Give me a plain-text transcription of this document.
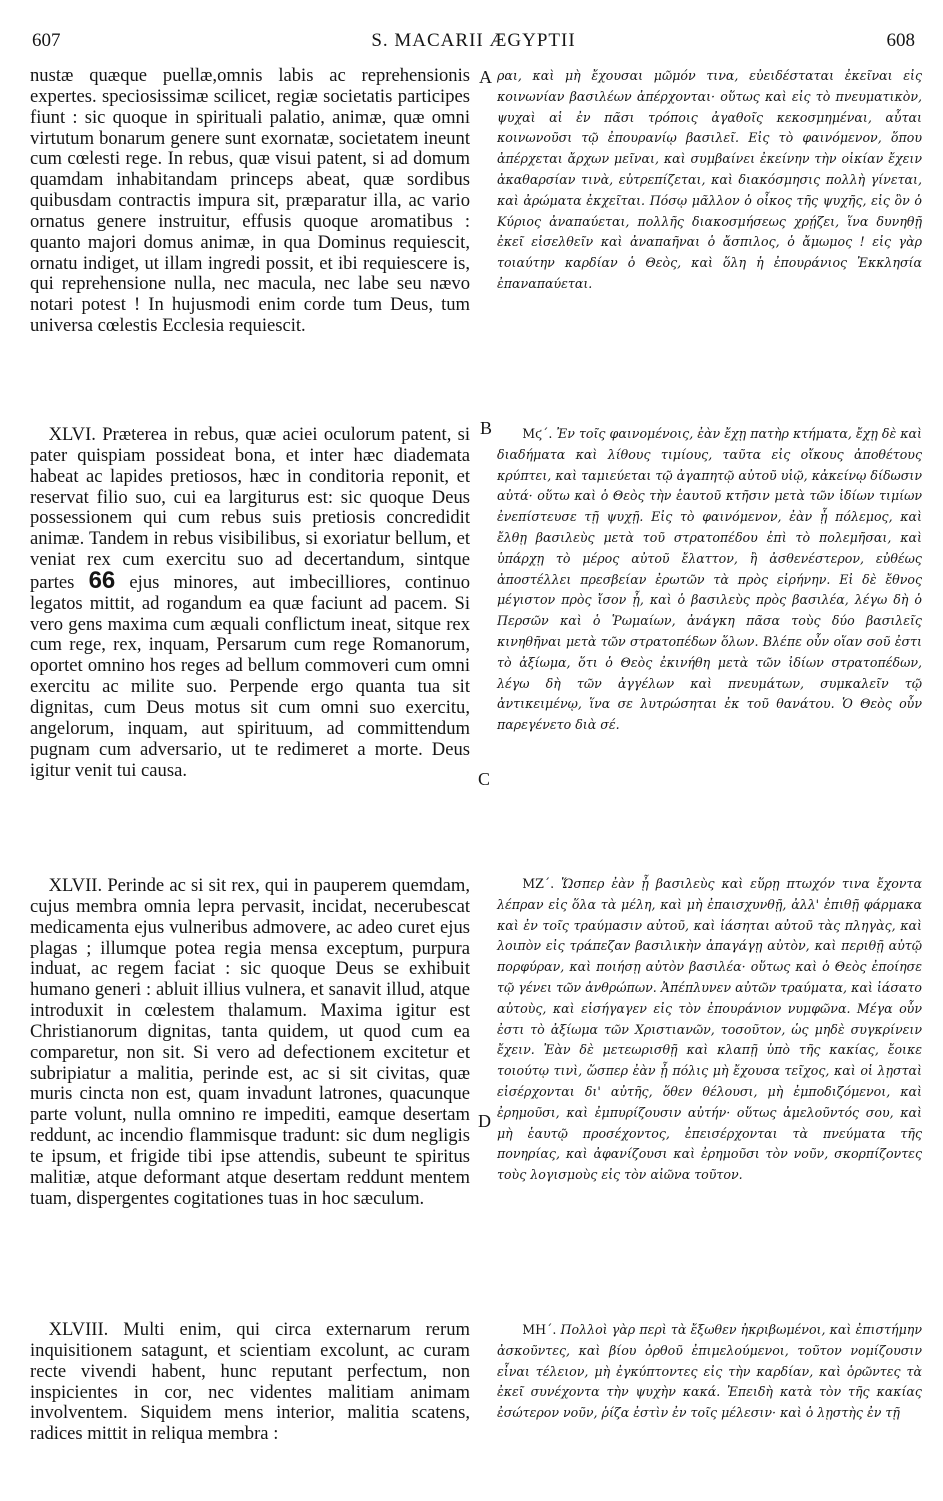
607	S. MACARII ÆGYPTII	608
A
B
C
D

nustæ quæque puellæ,omnis labis ac reprehensionis expertes. speciosissimæ scilicet, regiæ societatis participes fiunt : sic quoque in spirituali palatio, animæ, quæ omni virtutum bonarum genere sunt exornatæ, societatem ineunt cum cœlesti rege. In rebus, quæ visui patent, si ad domum quamdam inhabitandam princeps abeat, quæ sordibus quibusdam contractis impura sit, præparatur illa, ac vario ornatus genere instruitur, effusis quoque aromatibus : quanto majori domus animæ, in qua Dominus requiescit, ornatu indiget, ut illam ingredi possit, et ibi requiescere is, qui reprehensione nulla, nec macula, nec labe seu nævo notari potest ! In hujusmodi enim corde tum Deus, tum universa cœlestis Ecclesia requiescit.

 XLVI. Præterea in rebus, quæ aciei oculorum patent, si pater quispiam possideat bona, et inter hæc diademata habeat ac lapides pretiosos, hæc in conditoria reponit, et reservat filio suo, cui ea largiturus est: sic quoque Deus possessionem qui cum rebus suis pretiosis concredidit animæ. Tandem in rebus visibilibus, si exoriatur bellum, et veniat rex cum exercitu suo ad decertandum, sintque partes 66 ejus minores, aut imbecilliores, continuo legatos mittit, ad rogandum ea quæ faciunt ad pacem. Si vero gens maxima cum æquali conflictum ineat, sitque rex cum rege, rex, inquam, Persarum cum rege Romanorum, oportet omnino hos reges ad bellum commoveri cum omni exercitu ac milite suo. Perpende ergo quanta tua sit dignitas, cum Deus motus sit cum omni suo exercitu, angelorum, inquam, aut spirituum, ad committendum pugnam cum adversario, ut te redimeret a morte. Deus igitur venit tui causa.

 XLVII. Perinde ac si sit rex, qui in pauperem quemdam, cujus membra omnia lepra pervasit, incidat, necerubescat medicamenta ejus vulneribus admovere, ac adeo curet ejus plagas ; illumque potea regia mensa exceptum, purpura induat, ac regem faciat : sic quoque Deus se exhibuit humano generi : abluit illius vulnera, et sanavit illud, atque introduxit in cœlestem thalamum. Maxima igitur est Christianorum dignitas, tanta quidem, ut quod cum ea comparetur, non sit. Si vero ad defectionem excitetur et subripiatur a malitia, perinde est, ac si sit civitas, quæ muris cincta non est, quam invadunt latrones, quacunque parte volunt, nulla omnino re impediti, eamque desertam reddunt, ac incendio flammisque tradunt: sic dum negligis te ipsum, et frigide tibi ipse attendis, subeunt te spiritus malitiæ, atque deformant atque desertam reddunt mentem tuam, dispergentes cogitationes tuas in hoc sæculum.

 XLVIII. Multi enim, qui circa externarum rerum inquisitionem satagunt, et scientiam excolunt, ac curam recte vivendi habent, hunc reputant perfectum, non inspicientes in cor, nec videntes malitiam animam involventem. Siquidem mens interior, malitia scatens, radices mittit in reliqua membra :

ραι, καὶ μὴ ἔχουσαι μῶμόν τινα, εὐειδέσταται ἐκεῖναι εἰς κοινωνίαν βασιλέων ἀπέρχονται· οὕτως καὶ εἰς τὸ πνευματικὸν, ψυχαὶ αἱ ἐν πᾶσι τρόποις ἀγαθοῖς κεκοσμημέναι, αὗται κοινωνοῦσι τῷ ἐπουρανίῳ βασιλεῖ. Εἰς τὸ φαινόμενον, ὅπου ἀπέρχεται ἄρχων μεῖναι, καὶ συμβαίνει ἐκείνην τὴν οἰκίαν ἔχειν ἀκαθαρσίαν τινὰ, εὐτρεπίζεται, καὶ διακόσμησις πολλὴ γίνεται, καὶ ἀρώματα ἐκχεῖται. Πόσῳ μᾶλλον ὁ οἶκος τῆς ψυχῆς, εἰς ὃν ὁ Κύριος ἀναπαύεται, πολλῆς διακοσμήσεως χρῄζει, ἵνα δυνηθῇ ἐκεῖ εἰσελθεῖν καὶ ἀναπαῆναι ὁ ἄσπιλος, ὁ ἄμωμος ! εἰς γὰρ τοιαύτην καρδίαν ὁ Θεὸς, καὶ ὅλη ἡ ἐπουράνιος Ἐκκλησία ἐπαναπαύεται.

  Μϛ΄. Ἐν τοῖς φαινομένοις, ἐὰν ἔχῃ πατὴρ κτήματα, ἔχῃ δὲ καὶ διαδήματα καὶ λίθους τιμίους, ταῦτα εἰς οἴκους ἀποθέτους κρύπτει, καὶ ταμιεύεται τῷ ἀγαπητῷ αὐτοῦ υἱῷ, κἀκείνῳ δίδωσιν αὐτά· οὕτω καὶ ὁ Θεὸς τὴν ἑαυτοῦ κτῆσιν μετὰ τῶν ἰδίων τιμίων ἐνεπίστευσε τῇ ψυχῇ. Εἰς τὸ φαινόμενον, ἐὰν ᾖ πόλεμος, καὶ ἔλθῃ βασιλεὺς μετὰ τοῦ στρατοπέδου ἐπὶ τὸ πολεμῆσαι, καὶ ὑπάρχῃ τὸ μέρος αὐτοῦ ἔλαττον, ἢ ἀσθενέστερον, εὐθέως ἀποστέλλει πρεσβείαν ἐρωτῶν τὰ πρὸς εἰρήνην. Εἰ δὲ ἔθνος μέγιστον πρὸς ἴσον ᾖ, καὶ ὁ βασιλεὺς πρὸς βασιλέα, λέγω δὴ ὁ Περσῶν καὶ ὁ Ῥωμαίων, ἀνάγκη πᾶσα τοὺς δύο βασιλεῖς κινηθῆναι μετὰ τῶν στρατοπέδων ὅλων. Βλέπε οὖν οἵαν σοῦ ἐστι τὸ ἀξίωμα, ὅτι ὁ Θεὸς ἐκινήθη μετὰ τῶν ἰδίων στρατοπέδων, λέγω δὴ τῶν ἀγγέλων καὶ πνευμάτων, συμκαλεῖν τῷ ἀντικειμένῳ, ἵνα σε λυτρώσηται ἐκ τοῦ θανάτου. Ὁ Θεὸς οὖν παρεγένετο διὰ σέ.

  ΜΖ΄. Ὥσπερ ἐὰν ᾖ βασιλεὺς καὶ εὕρῃ πτωχόν τινα ἔχοντα λέπραν εἰς ὅλα τὰ μέλη, καὶ μὴ ἐπαισχυνθῇ, ἀλλ' ἐπιθῇ φάρμακα καὶ ἐν τοῖς τραύμασιν αὐτοῦ, καὶ ἰάσηται αὐτοῦ τὰς πληγὰς, καὶ λοιπὸν εἰς τράπεζαν βασιλικὴν ἀπαγάγῃ αὐτὸν, καὶ περιθῇ αὐτῷ πορφύραν, καὶ ποιήσῃ αὐτὸν βασιλέα· οὕτως καὶ ὁ Θεὸς ἐποίησε τῷ γένει τῶν ἀνθρώπων. Ἀπέπλυνεν αὐτῶν τραύματα, καὶ ἰάσατο αὐτοὺς, καὶ εἰσήγαγεν εἰς τὸν ἐπουράνιον νυμφῶνα. Μέγα οὖν ἐστι τὸ ἀξίωμα τῶν Χριστιανῶν, τοσοῦτον, ὡς μηδὲ συγκρίνειν ἔχειν. Ἐὰν δὲ μετεωρισθῇ καὶ κλαπῇ ὑπὸ τῆς κακίας, ἔοικε τοιούτῳ τινὶ, ὥσπερ ἐὰν ᾖ πόλις μὴ ἔχουσα τεῖχος, καὶ οἱ λῃσταὶ εἰσέρχονται δι' αὐτῆς, ὅθεν θέλουσι, μὴ ἐμποδιζόμενοι, καὶ ἐρημοῦσι, καὶ ἐμπυρίζουσιν αὐτήν· οὕτως ἀμελοῦντός σου, καὶ μὴ ἑαυτῷ προσέχοντος, ἐπεισέρχονται τὰ πνεύματα τῆς πονηρίας, καὶ ἀφανίζουσι καὶ ἐρημοῦσι τὸν νοῦν, σκορπίζοντες τοὺς λογισμοὺς εἰς τὸν αἰῶνα τοῦτον.

  ΜΗ΄. Πολλοὶ γὰρ περὶ τὰ ἔξωθεν ἠκριβωμένοι, καὶ ἐπιστήμην ἀσκοῦντες, καὶ βίου ὀρθοῦ ἐπιμελούμενοι, τοῦτον νομίζουσιν εἶναι τέλειον, μὴ ἐγκύπτοντες εἰς τὴν καρδίαν, καὶ ὁρῶντες τὰ ἐκεῖ συνέχοντα τὴν ψυχὴν κακά. Ἐπειδὴ κατὰ τὸν τῆς κακίας ἐσώτερον νοῦν, ῥίζα ἐστὶν ἐν τοῖς μέλεσιν· καὶ ὁ λῃστὴς ἐν τῇ
